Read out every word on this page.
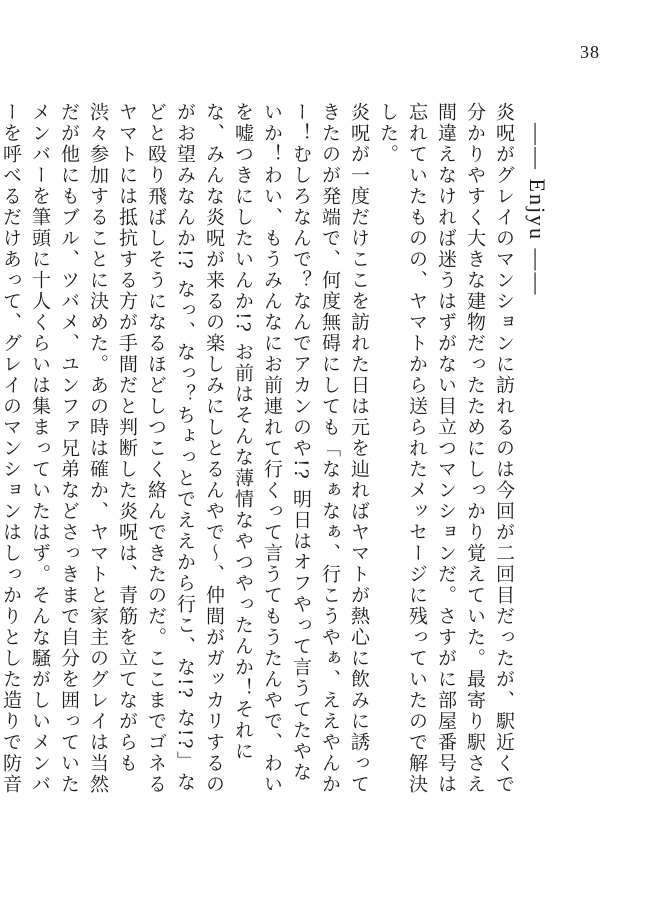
38
—— Enjyu ——

炎呪がグレイのマンションに訪れるのは今回が二回目だったが、駅近くで分かりやすく大きな建物だったためにしっかり覚えていた。最寄り駅さえ間違えなければ迷うはずがない目立つマンションだ。さすがに部屋番号は忘れていたものの、ヤマトから送られたメッセージに残っていたので解決した。

炎呪が一度だけここを訪れた日は元を辿ればヤマトが熱心に飲みに誘ってきたのが発端で、何度無碍にしても「なぁなぁ、行こうやぁ、ええやんかー！むしろなんで？なんでアカンのや!? 明日はオフやって言うてたやないか！わい、もうみんなにお前連れて行くって言うてもうたんやで、わいを嘘つきにしたいんか!? お前はそんな薄情なやつやったんか！それにな、みんな炎呪が来るの楽しみにしとるんやで〜、仲間がガッカリするのがお望みなんか!? なっ、なっ？ちょっとでええから行こ、な!? な!?」などと殴り飛ばしそうになるほどしつこく絡んできたのだ。ここまでゴネるヤマトには抵抗する方が手間だと判断した炎呪は、青筋を立てながらも渋々参加することに決めた。あの時は確か、ヤマトと家主のグレイは当然だが他にもブル、ツバメ、ユンファ兄弟などさっきまで自分を囲っていたメンバーを筆頭に十人くらいは集まっていたはず。そんな騒がしいメンバーを呼べるだけあって、グレイのマンションはしっかりとした造りで防音
